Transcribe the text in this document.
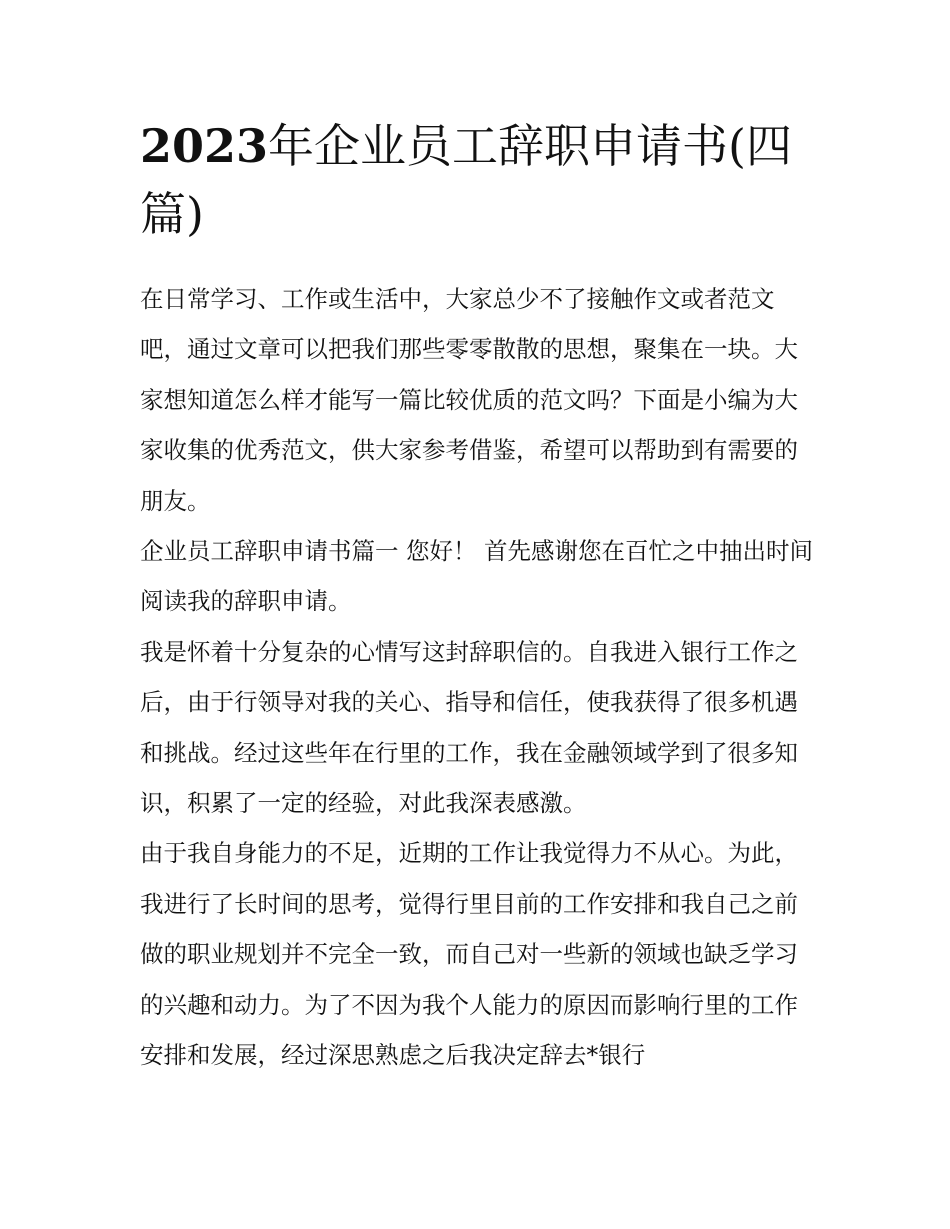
2023年企业员工辞职申请书(四篇)

在日常学习、工作或生活中，大家总少不了接触作文或者范文吧，通过文章可以把我们那些零零散散的思想，聚集在一块。大家想知道怎么样才能写一篇比较优质的范文吗？下面是小编为大家收集的优秀范文，供大家参考借鉴，希望可以帮助到有需要的朋友。

企业员工辞职申请书篇一 您好！ 首先感谢您在百忙之中抽出时间阅读我的辞职申请。

我是怀着十分复杂的心情写这封辞职信的。自我进入银行工作之后，由于行领导对我的关心、指导和信任，使我获得了很多机遇和挑战。经过这些年在行里的工作，我在金融领域学到了很多知识，积累了一定的经验，对此我深表感激。

由于我自身能力的不足，近期的工作让我觉得力不从心。为此，我进行了长时间的思考，觉得行里目前的工作安排和我自己之前做的职业规划并不完全一致，而自己对一些新的领域也缺乏学习的兴趣和动力。为了不因为我个人能力的原因而影响行里的工作安排和发展，经过深思熟虑之后我决定辞去*银行
